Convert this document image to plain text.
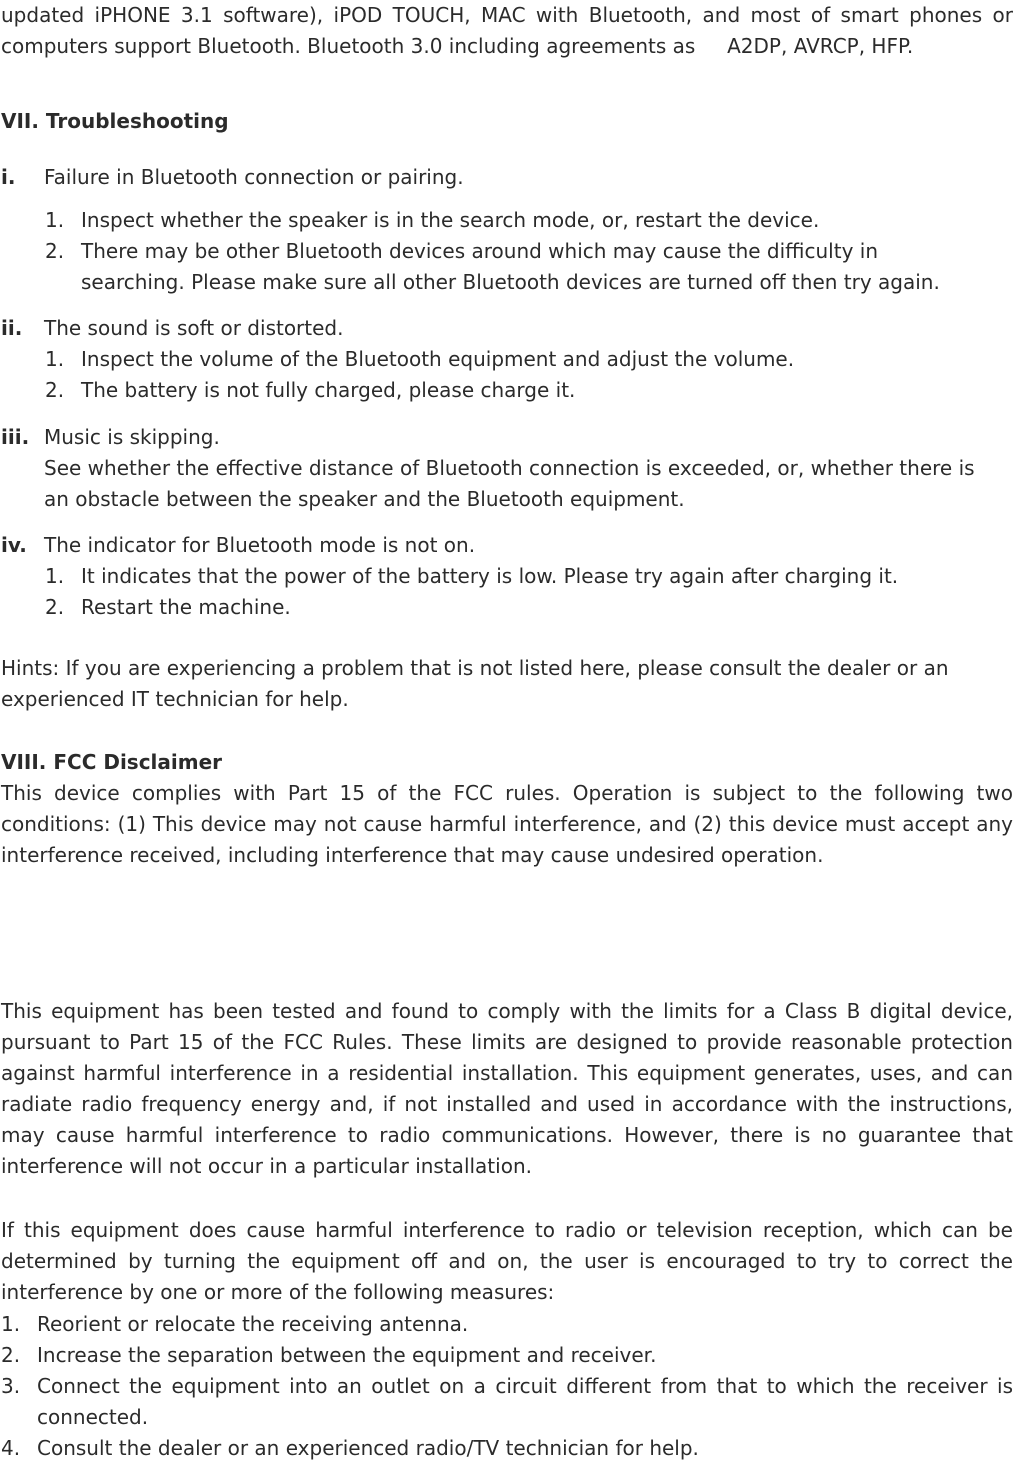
updated iPHONE 3.1 software), iPOD TOUCH, MAC with Bluetooth, and most of smart phones or
computers support Bluetooth. Bluetooth 3.0 including agreements as     A2DP, AVRCP, HFP.
VII. Troubleshooting
i.	Failure in Bluetooth connection or pairing.
1. Inspect whether the speaker is in the search mode, or, restart the device.
2. There may be other Bluetooth devices around which may cause the difficulty in searching. Please make sure all other Bluetooth devices are turned off then try again.
ii.	The sound is soft or distorted.
1. Inspect the volume of the Bluetooth equipment and adjust the volume.
2. The battery is not fully charged, please charge it.
iii. Music is skipping.
See whether the effective distance of Bluetooth connection is exceeded, or, whether there is
an obstacle between the speaker and the Bluetooth equipment.
iv. The indicator for Bluetooth mode is not on.
1. It indicates that the power of the battery is low. Please try again after charging it.
2. Restart the machine.
Hints: If you are experiencing a problem that is not listed here, please consult the dealer or an
experienced IT technician for help.
VIII. FCC Disclaimer
This device complies with Part 15 of the FCC rules. Operation is subject to the following two conditions: (1) This device may not cause harmful interference, and (2) this device must accept any interference received, including interference that may cause undesired operation.
This equipment has been tested and found to comply with the limits for a Class B digital device, pursuant to Part 15 of the FCC Rules. These limits are designed to provide reasonable protection against harmful interference in a residential installation. This equipment generates, uses, and can radiate radio frequency energy and, if not installed and used in accordance with the instructions, may cause harmful interference to radio communications. However, there is no guarantee that interference will not occur in a particular installation.
If this equipment does cause harmful interference to radio or television reception, which can be determined by turning the equipment off and on, the user is encouraged to try to correct the interference by one or more of the following measures:
1. Reorient or relocate the receiving antenna.
2. Increase the separation between the equipment and receiver.
3. Connect the equipment into an outlet on a circuit different from that to which the receiver is connected.
4. Consult the dealer or an experienced radio/TV technician for help.
